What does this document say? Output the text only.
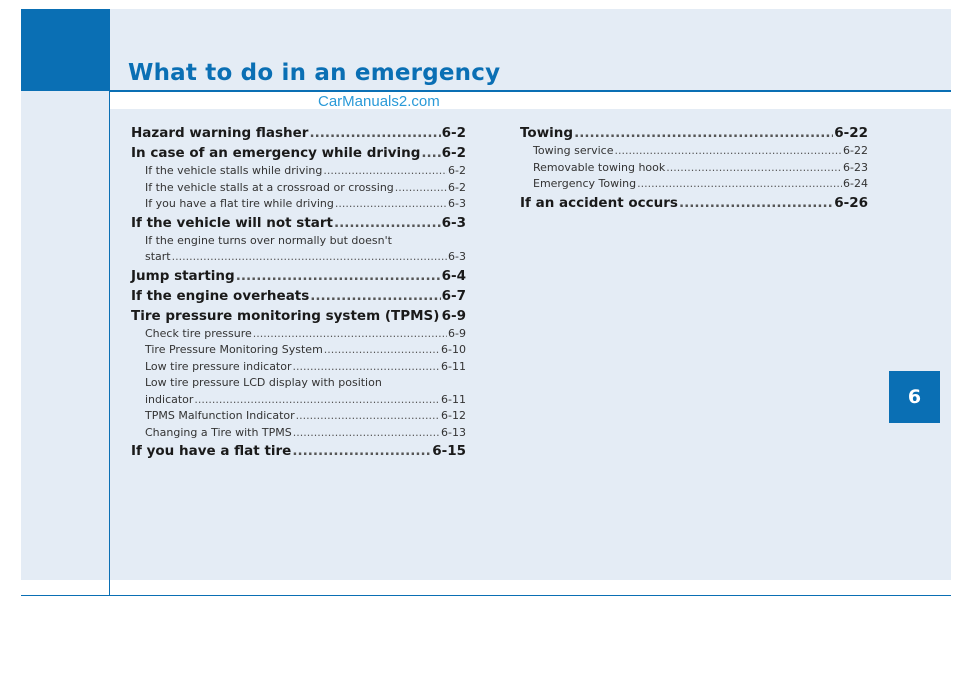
What to do in an emergency
CarManuals2.com
6
Hazard warning flasher .....	6-2
In case of an emergency while driving ..... 6-2
If the vehicle stalls while driving .....	6-2
If the vehicle stalls at a crossroad or crossing .....	6-2
If you have a flat tire while driving .....	6-3
If the vehicle will not start .....	6-3
If the engine turns over normally but doesn't
start .....	6-3
Jump starting .....	6-4
If the engine overheats .....	6-7
Tire pressure monitoring system (TPMS) ..... 6-9
Check tire pressure .....	6-9
Tire Pressure Monitoring System .....	6-10
Low tire pressure indicator .....	6-11
Low tire pressure LCD display with position
indicator .....	6-11
TPMS Malfunction Indicator .....	6-12
Changing a Tire with TPMS .....	6-13
If you have a flat tire .....	6-15
Towing .....	6-22
Towing service .....	6-22
Removable towing hook .....	6-23
Emergency Towing .....	6-24
If an accident occurs .....	6-26
